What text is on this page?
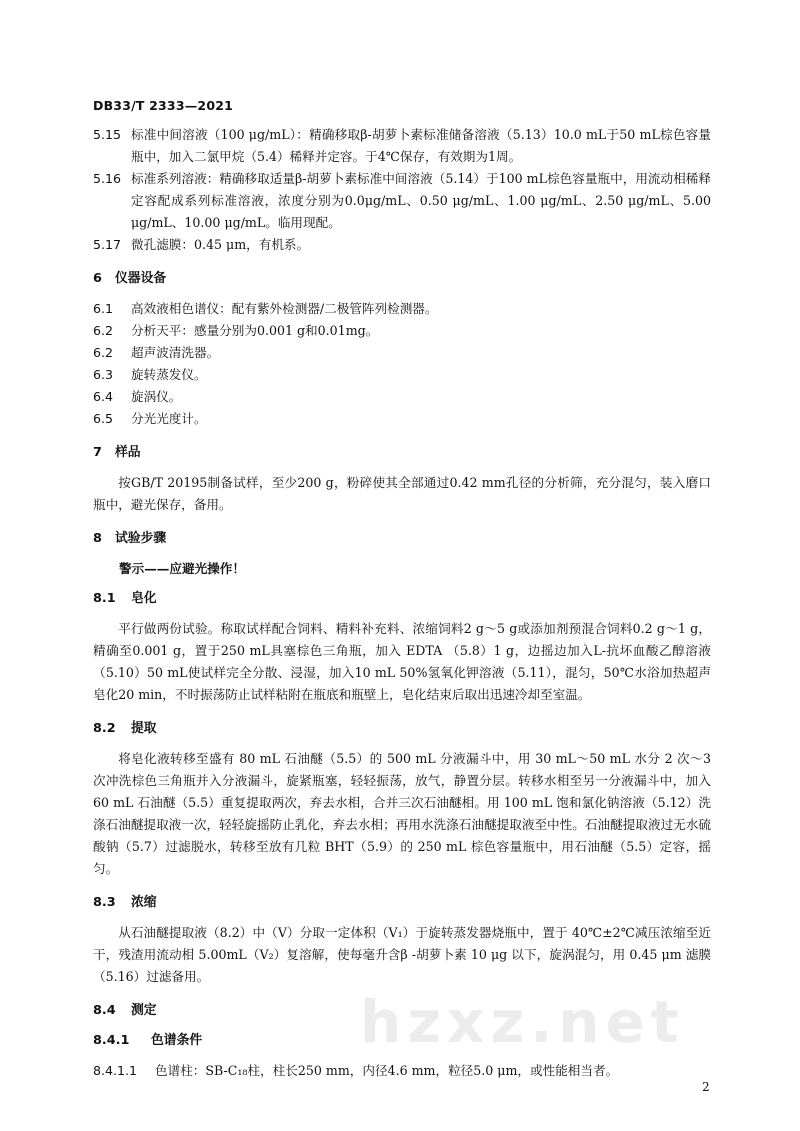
DB33/T 2333—2021
5.15 标准中间溶液（100 μg/mL）：精确移取β-胡萝卜素标准储备溶液（5.13）10.0 mL于50 mL棕色容量瓶中，加入二氯甲烷（5.4）稀释并定容。于4℃保存，有效期为1周。
5.16 标准系列溶液：精确移取适量β-胡萝卜素标准中间溶液（5.14）于100 mL棕色容量瓶中，用流动相稀释定容配成系列标准溶液，浓度分别为0.0μg/mL、0.50 μg/mL、1.00 μg/mL、2.50 μg/mL、5.00 μg/mL、10.00 μg/mL。临用现配。
5.17 微孔滤膜：0.45 μm，有机系。
6	仪器设备
6.1	高效液相色谱仪：配有紫外检测器/二极管阵列检测器。
6.2	分析天平：感量分别为0.001 g和0.01mg。
6.2	超声波清洗器。
6.3	旋转蒸发仪。
6.4	旋涡仪。
6.5	分光光度计。
7	样品
按GB/T 20195制备试样，至少200 g，粉碎使其全部通过0.42 mm孔径的分析筛，充分混匀，装入磨口瓶中，避光保存，备用。
8	试验步骤
警示——应避光操作！
8.1	皂化
平行做两份试验。称取试样配合饲料、精料补充料、浓缩饲料2 g～5 g或添加剂预混合饲料0.2 g～1 g，精确至0.001 g，置于250 mL具塞棕色三角瓶，加入 EDTA （5.8）1 g，边摇边加入L-抗坏血酸乙醇溶液（5.10）50 mL使试样完全分散、浸湿，加入10 mL 50%氢氧化钾溶液（5.11），混匀，50℃水浴加热超声皂化20 min，不时振荡防止试样粘附在瓶底和瓶壁上，皂化结束后取出迅速冷却至室温。
8.2	提取
将皂化液转移至盛有 80 mL 石油醚（5.5）的 500 mL 分液漏斗中，用 30 mL～50 mL 水分 2 次～3 次冲洗棕色三角瓶并入分液漏斗，旋紧瓶塞，轻轻振荡，放气，静置分层。转移水相至另一分液漏斗中，加入 60 mL 石油醚（5.5）重复提取两次，弃去水相，合并三次石油醚相。用 100 mL 饱和氯化钠溶液（5.12）洗涤石油醚提取液一次，轻轻旋摇防止乳化，弃去水相；再用水洗涤石油醚提取液至中性。石油醚提取液过无水硫酸钠（5.7）过滤脱水，转移至放有几粒 BHT（5.9）的 250 mL 棕色容量瓶中，用石油醚（5.5）定容，摇匀。
8.3	浓缩
从石油醚提取液（8.2）中（V）分取一定体积（V₁）于旋转蒸发器烧瓶中，置于 40℃±2℃减压浓缩至近干，残渣用流动相 5.00mL（V₂）复溶解，使每毫升含β -胡萝卜素 10 μg 以下，旋涡混匀，用 0.45 μm 滤膜（5.16）过滤备用。
8.4	测定
8.4.1	色谱条件
8.4.1.1	色谱柱：SB-C₁₈柱，柱长250 mm，内径4.6 mm，粒径5.0 μm，或性能相当者。
hzxz.net
2
